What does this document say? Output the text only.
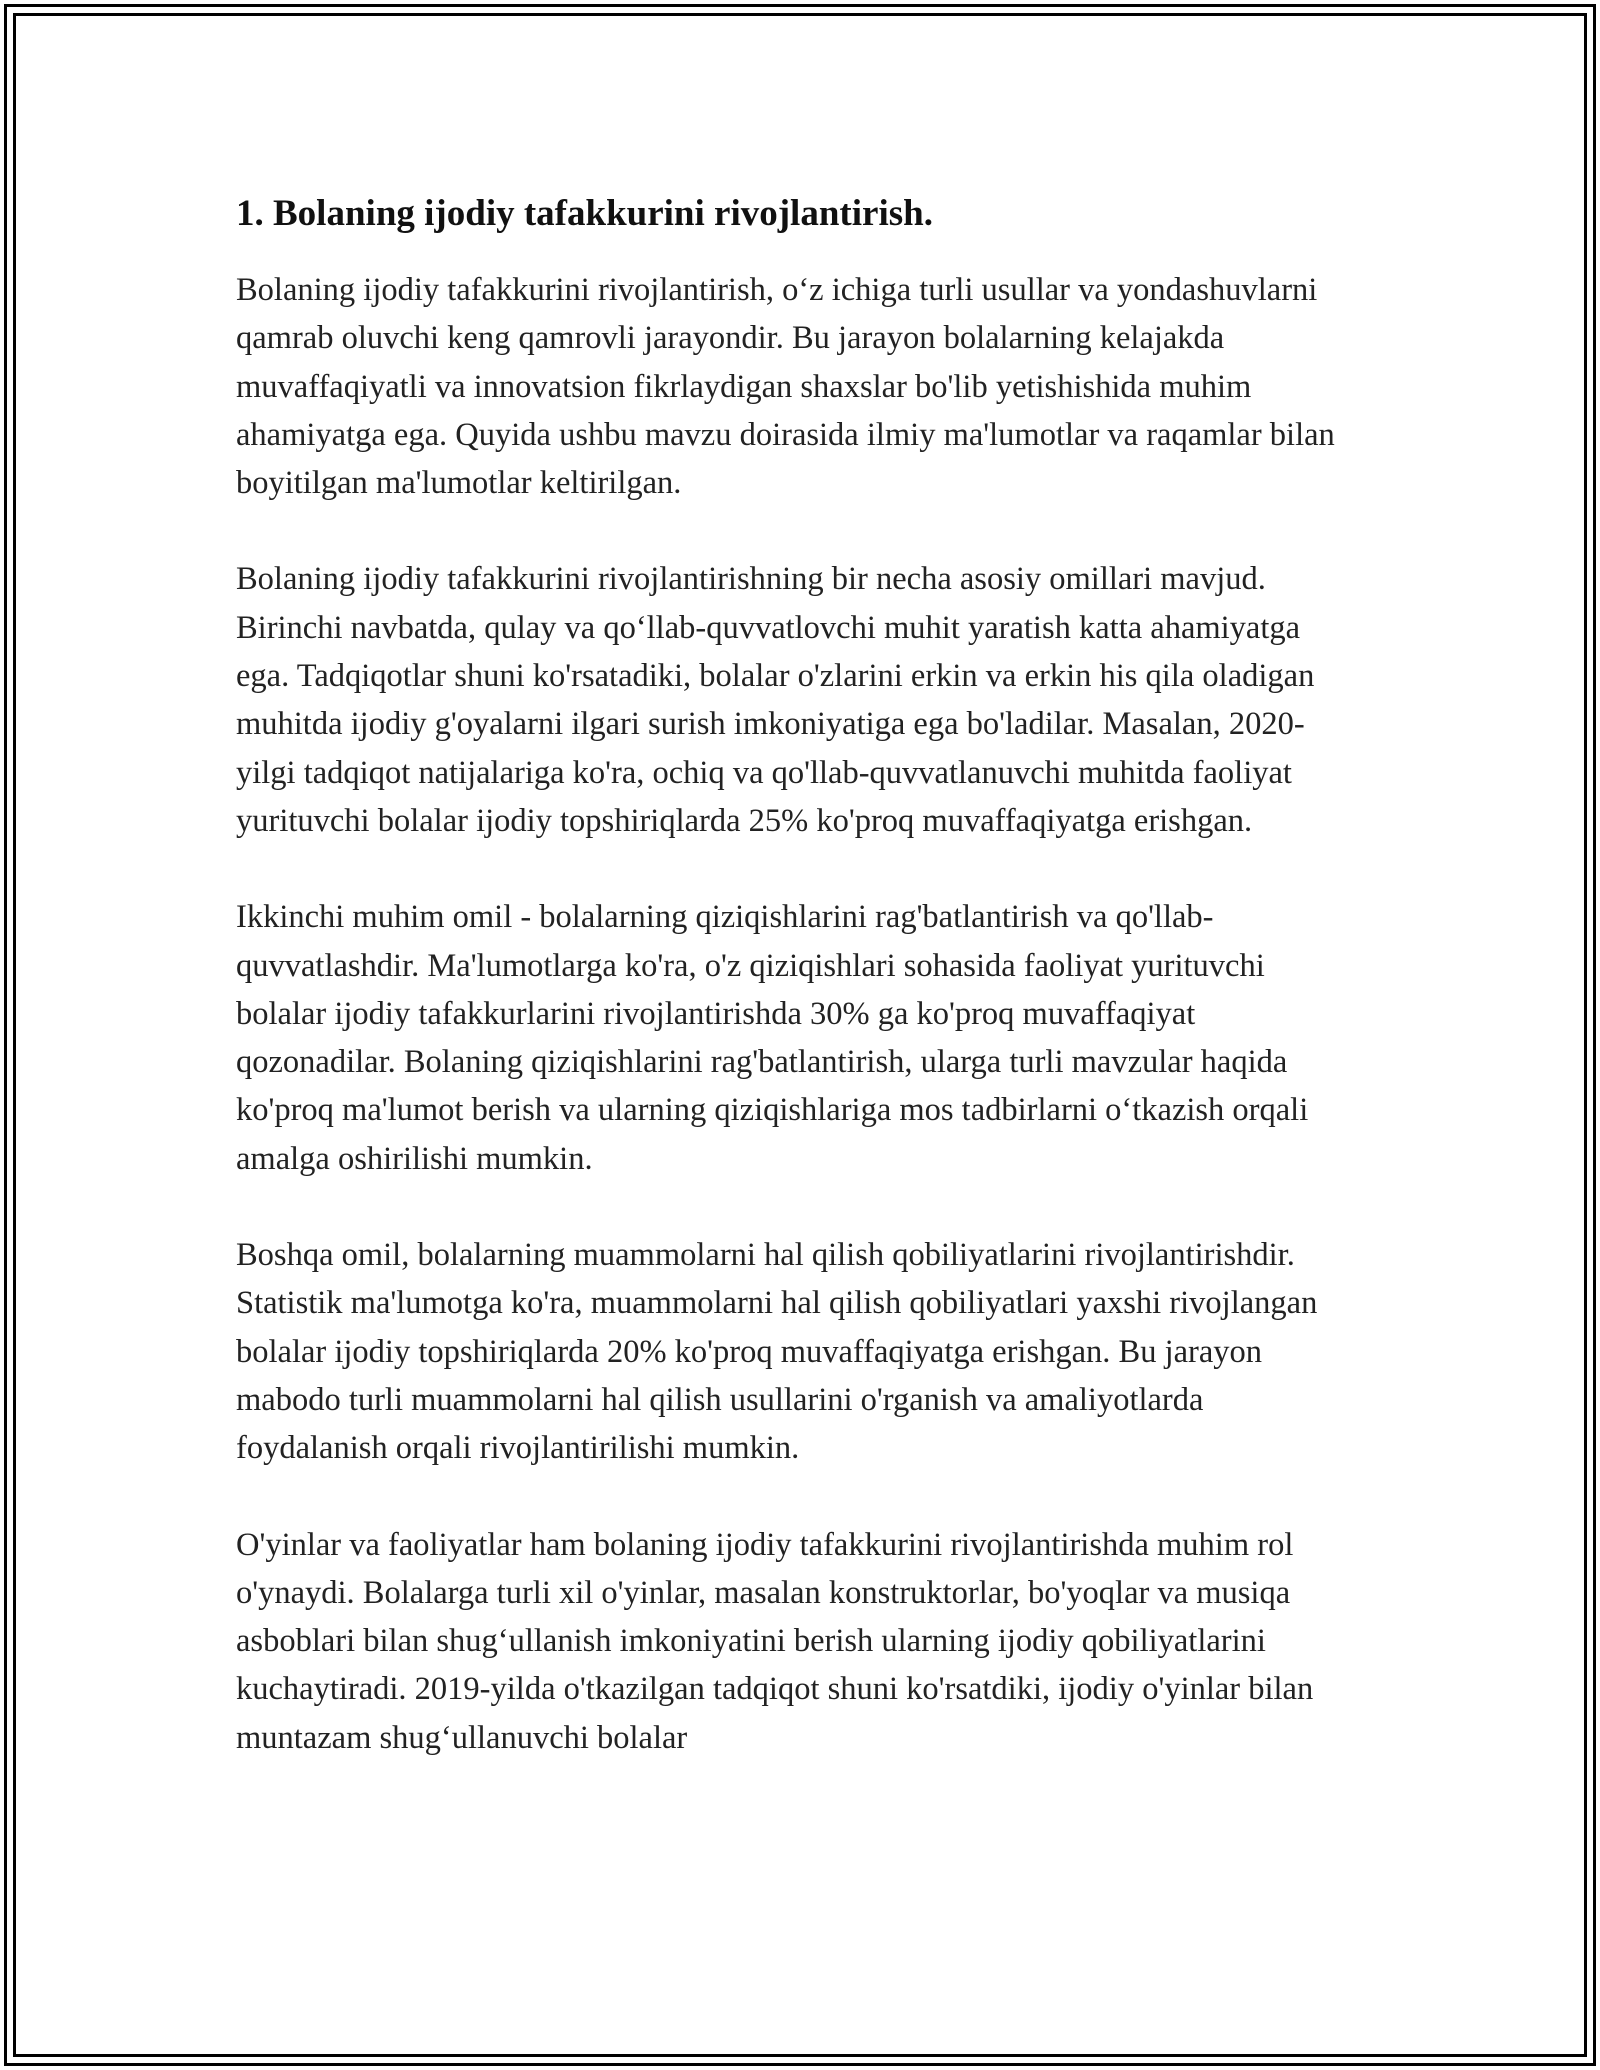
1. Bolaning ijodiy tafakkurini rivojlantirish.

Bolaning ijodiy tafakkurini rivojlantirish, o‘z ichiga turli usullar va yondashuvlarni qamrab oluvchi keng qamrovli jarayondir. Bu jarayon bolalarning kelajakda muvaffaqiyatli va innovatsion fikrlaydigan shaxslar bo'lib yetishishida muhim ahamiyatga ega. Quyida ushbu mavzu doirasida ilmiy ma'lumotlar va raqamlar bilan boyitilgan ma'lumotlar keltirilgan.

Bolaning ijodiy tafakkurini rivojlantirishning bir necha asosiy omillari mavjud. Birinchi navbatda, qulay va qo‘llab-quvvatlovchi muhit yaratish katta ahamiyatga ega. Tadqiqotlar shuni ko'rsatadiki, bolalar o'zlarini erkin va erkin his qila oladigan muhitda ijodiy g'oyalarni ilgari surish imkoniyatiga ega bo'ladilar. Masalan, 2020-yilgi tadqiqot natijalariga ko'ra, ochiq va qo'llab-quvvatlanuvchi muhitda faoliyat yurituvchi bolalar ijodiy topshiriqlarda 25% ko'proq muvaffaqiyatga erishgan.

Ikkinchi muhim omil - bolalarning qiziqishlarini rag'batlantirish va qo'llab-quvvatlashdir. Ma'lumotlarga ko'ra, o'z qiziqishlari sohasida faoliyat yurituvchi bolalar ijodiy tafakkurlarini rivojlantirishda 30% ga ko'proq muvaffaqiyat qozonadilar. Bolaning qiziqishlarini rag'batlantirish, ularga turli mavzular haqida ko'proq ma'lumot berish va ularning qiziqishlariga mos tadbirlarni o‘tkazish orqali amalga oshirilishi mumkin.

Boshqa omil, bolalarning muammolarni hal qilish qobiliyatlarini rivojlantirishdir. Statistik ma'lumotga ko'ra, muammolarni hal qilish qobiliyatlari yaxshi rivojlangan bolalar ijodiy topshiriqlarda 20% ko'proq muvaffaqiyatga erishgan. Bu jarayon mabodo turli muammolarni hal qilish usullarini o'rganish va amaliyotlarda foydalanish orqali rivojlantirilishi mumkin.

O'yinlar va faoliyatlar ham bolaning ijodiy tafakkurini rivojlantirishda muhim rol o'ynaydi. Bolalarga turli xil o'yinlar, masalan konstruktorlar, bo'yoqlar va musiqa asboblari bilan shug‘ullanish imkoniyatini berish ularning ijodiy qobiliyatlarini kuchaytiradi. 2019-yilda o'tkazilgan tadqiqot shuni ko'rsatdiki, ijodiy o'yinlar bilan muntazam shug‘ullanuvchi bolalar
